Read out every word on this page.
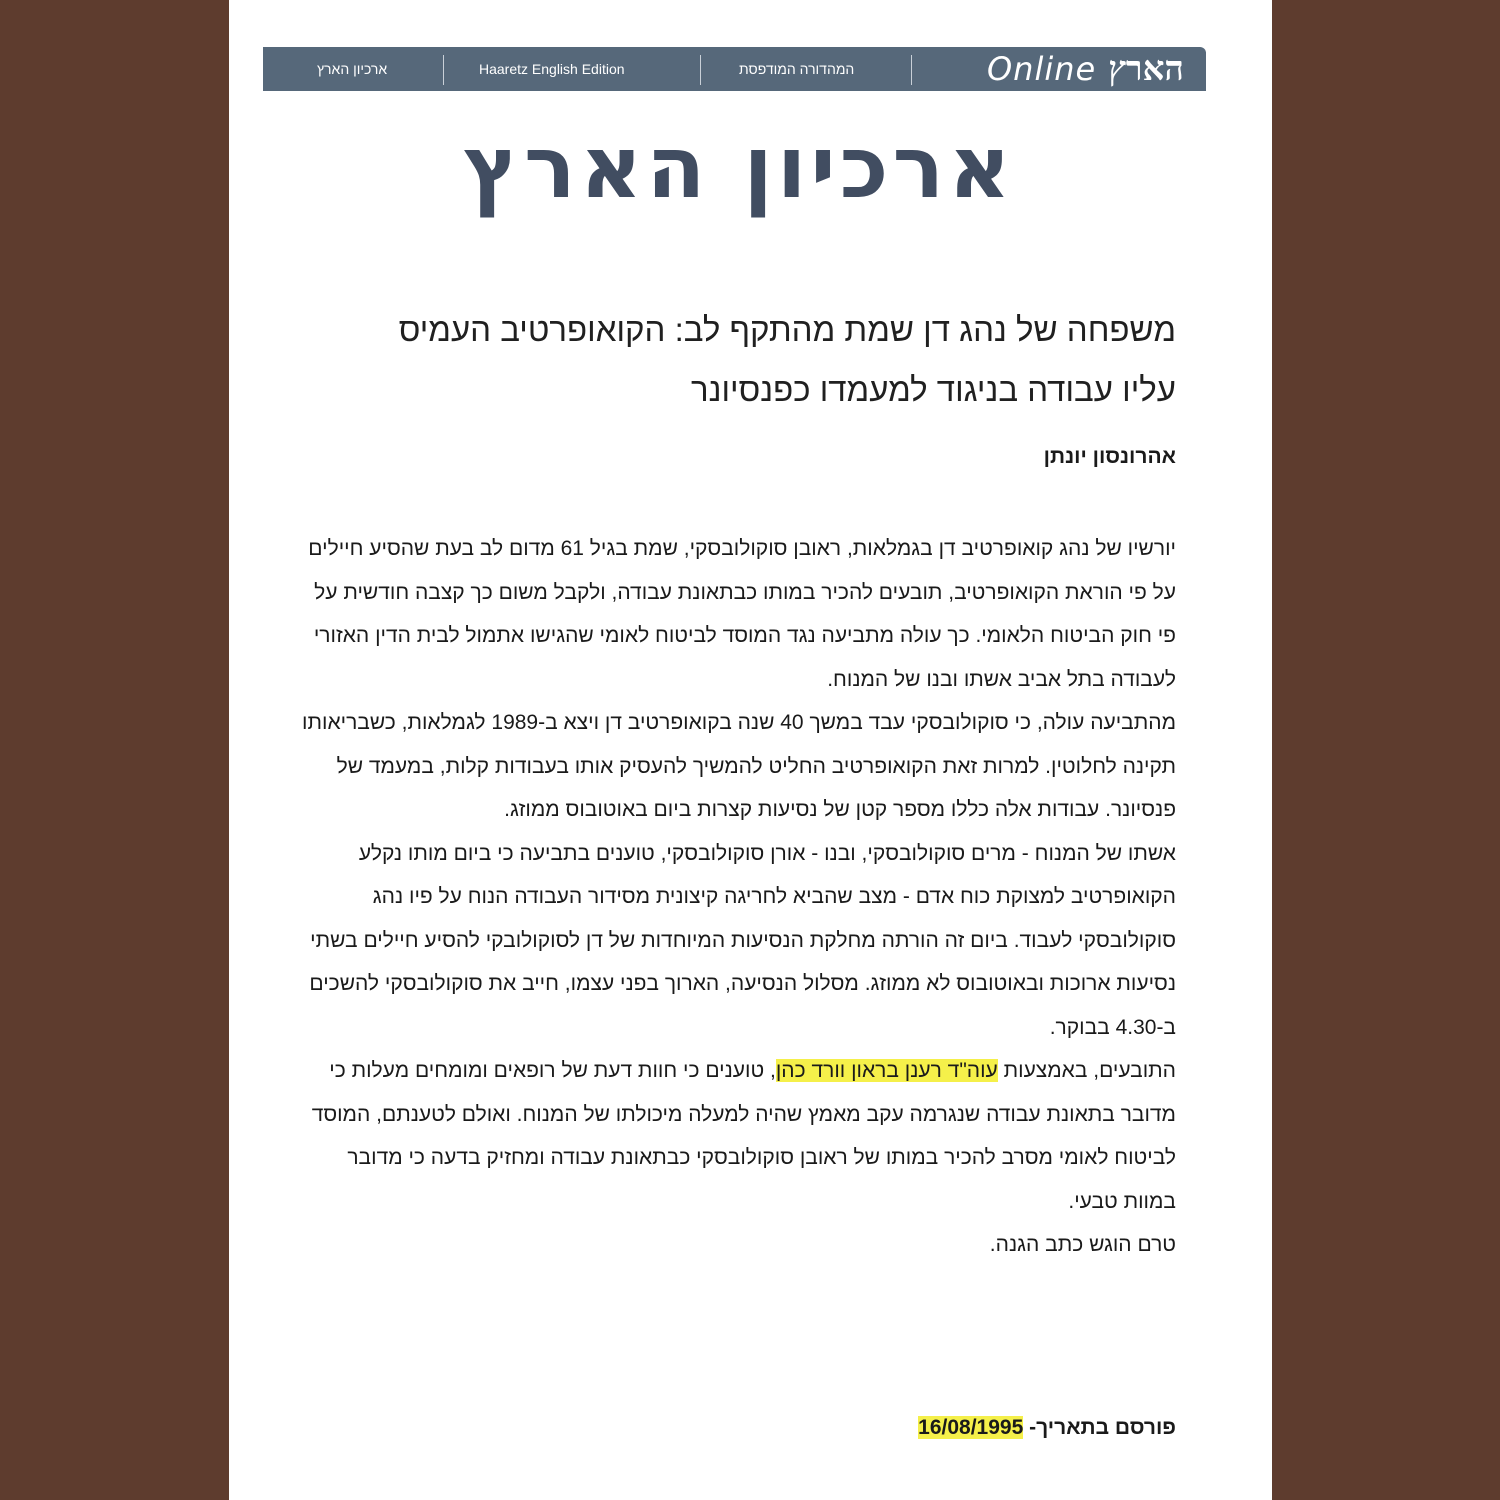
Online הארץ
המהדורה המודפסת
Haaretz English Edition
ארכיון הארץ
ארכיון הארץ
משפחה של נהג דן שמת מהתקף לב: הקואופרטיב העמיס
עליו עבודה בניגוד למעמדו כפנסיונר
אהרונסון יונתן

יורשיו של נהג קואופרטיב דן בגמלאות, ראובן סוקולובסקי, שמת בגיל 61 מדום לב בעת שהסיע חיילים על פי הוראת הקואופרטיב, תובעים להכיר במותו כבתאונת עבודה, ולקבל משום כך קצבה חודשית על פי חוק הביטוח הלאומי. כך עולה מתביעה נגד המוסד לביטוח לאומי שהגישו אתמול לבית הדין האזורי לעבודה בתל אביב אשתו ובנו של המנוח.

מהתביעה עולה, כי סוקולובסקי עבד במשך 40 שנה בקואופרטיב דן ויצא ב-1989 לגמלאות, כשבריאותו תקינה לחלוטין. למרות זאת הקואופרטיב החליט להמשיך להעסיק אותו בעבודות קלות, במעמד של פנסיונר. עבודות אלה כללו מספר קטן של נסיעות קצרות ביום באוטובוס ממוזג.

אשתו של המנוח - מרים סוקולובסקי, ובנו - אורן סוקולובסקי, טוענים בתביעה כי ביום מותו נקלע הקואופרטיב למצוקת כוח אדם - מצב שהביא לחריגה קיצונית מסידור העבודה הנוח על פיו נהג סוקולובסקי לעבוד. ביום זה הורתה מחלקת הנסיעות המיוחדות של דן לסוקולובקי להסיע חיילים בשתי נסיעות ארוכות ובאוטובוס לא ממוזג. מסלול הנסיעה, הארוך בפני עצמו, חייב את סוקולובסקי להשכים ב-4.30 בבוקר.

התובעים, באמצעות עוה"ד רענן בראון וורד כהן, טוענים כי חוות דעת של רופאים ומומחים מעלות כי מדובר בתאונת עבודה שנגרמה עקב מאמץ שהיה למעלה מיכולתו של המנוח. ואולם לטענתם, המוסד לביטוח לאומי מסרב להכיר במותו של ראובן סוקולובסקי כבתאונת עבודה ומחזיק בדעה כי מדובר במוות טבעי.

טרם הוגש כתב הגנה.

פורסם בתאריך- 16/08/1995
